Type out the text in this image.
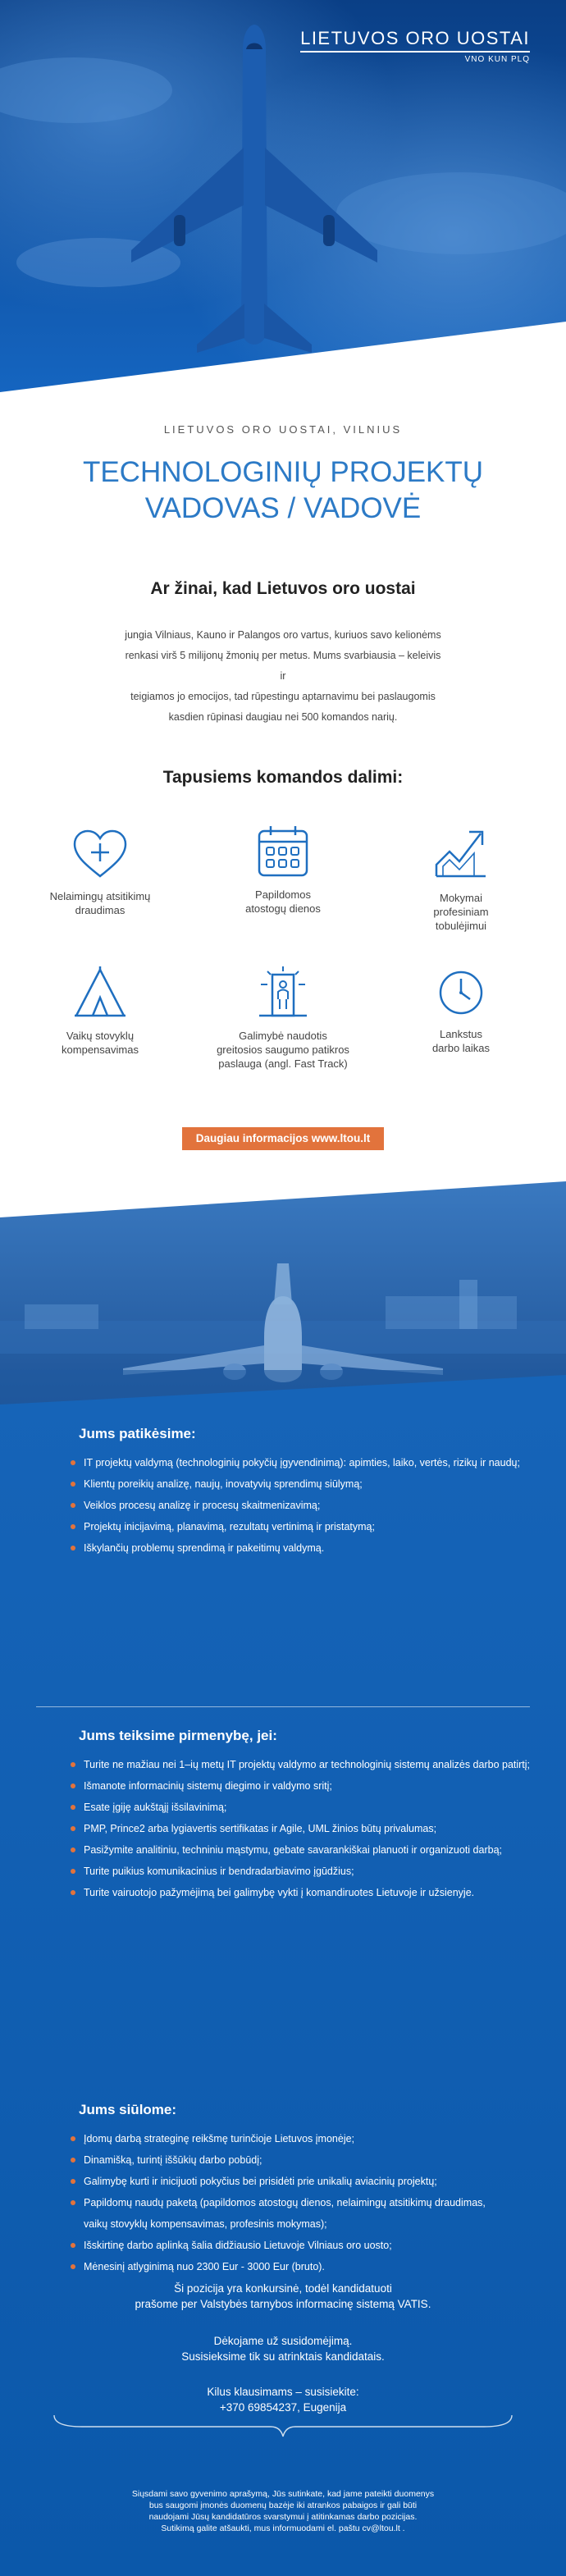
LIETUVOS ORO UOSTAI
VNO KUN PLQ
LIETUVOS ORO UOSTAI, VILNIUS
TECHNOLOGINIŲ PROJEKTŲ
VADOVAS / VADOVĖ
Ar žinai, kad Lietuvos oro uostai
jungia Vilniaus, Kauno ir Palangos oro vartus, kuriuos savo kelionėms
renkasi virš 5 milijonų žmonių per metus. Mums svarbiausia – keleivis ir
teigiamos jo emocijos, tad rūpestingu aptarnavimu bei paslaugomis
kasdien rūpinasi daugiau nei 500 komandos narių.
Tapusiems komandos dalimi:
Nelaimingų atsitikimų
draudimas
Papildomos
atostogų dienos
Mokymai
profesiniam
tobulėjimui
Vaikų stovyklų
kompensavimas
Galimybė naudotis
greitosios saugumo patikros
paslauga (angl. Fast Track)
Lankstus
darbo laikas
Daugiau informacijos www.ltou.lt
Jums patikėsime:
IT projektų valdymą (technologinių pokyčių įgyvendinimą): apimties, laiko, vertės, rizikų ir naudų;
Klientų poreikių analizę, naujų, inovatyvių sprendimų siūlymą;
Veiklos procesų analizę ir procesų skaitmenizavimą;
Projektų inicijavimą, planavimą, rezultatų vertinimą ir pristatymą;
Iškylančių problemų sprendimą ir pakeitimų valdymą.
Jums teiksime pirmenybę, jei:
Turite ne mažiau nei 1–ių metų IT projektų valdymo ar technologinių sistemų analizės darbo patirtį;
Išmanote informacinių sistemų diegimo ir valdymo sritį;
Esate įgiję aukštąjį išsilavinimą;
PMP, Prince2 arba lygiavertis sertifikatas ir Agile, UML žinios būtų privalumas;
Pasižymite analitiniu, techniniu mąstymu, gebate savarankiškai planuoti ir organizuoti darbą;
Turite puikius komunikacinius ir bendradarbiavimo įgūdžius;
Turite vairuotojo pažymėjimą bei galimybę vykti į komandiruotes Lietuvoje ir užsienyje.
Jums siūlome:
Įdomų darbą strateginę reikšmę turinčioje Lietuvos įmonėje;
Dinamišką, turintį iššūkių darbo pobūdį;
Galimybę kurti ir inicijuoti pokyčius bei prisidėti prie unikalių aviacinių projektų;
Papildomų naudų paketą (papildomos atostogų dienos, nelaimingų atsitikimų draudimas,
vaikų stovyklų kompensavimas, profesinis mokymas);
Išskirtinę darbo aplinką šalia didžiausio Lietuvoje Vilniaus oro uosto;
Mėnesinį atlyginimą nuo 2300 Eur - 3000 Eur (bruto).
Ši pozicija yra konkursinė, todėl kandidatuoti
prašome per Valstybės tarnybos informacinę sistemą VATIS.
Dėkojame už susidomėjimą.
Susisieksime tik su atrinktais kandidatais.
Kilus klausimams – susisiekite:
+370 69854237, Eugenija
Siųsdami savo gyvenimo aprašymą, Jūs sutinkate, kad jame pateikti duomenys
bus saugomi įmonės duomenų bazėje iki atrankos pabaigos ir gali būti
naudojami Jūsų kandidatūros svarstymui į atitinkamas darbo pozicijas.
Sutikimą galite atšaukti, mus informuodami el. paštu cv@ltou.lt .
